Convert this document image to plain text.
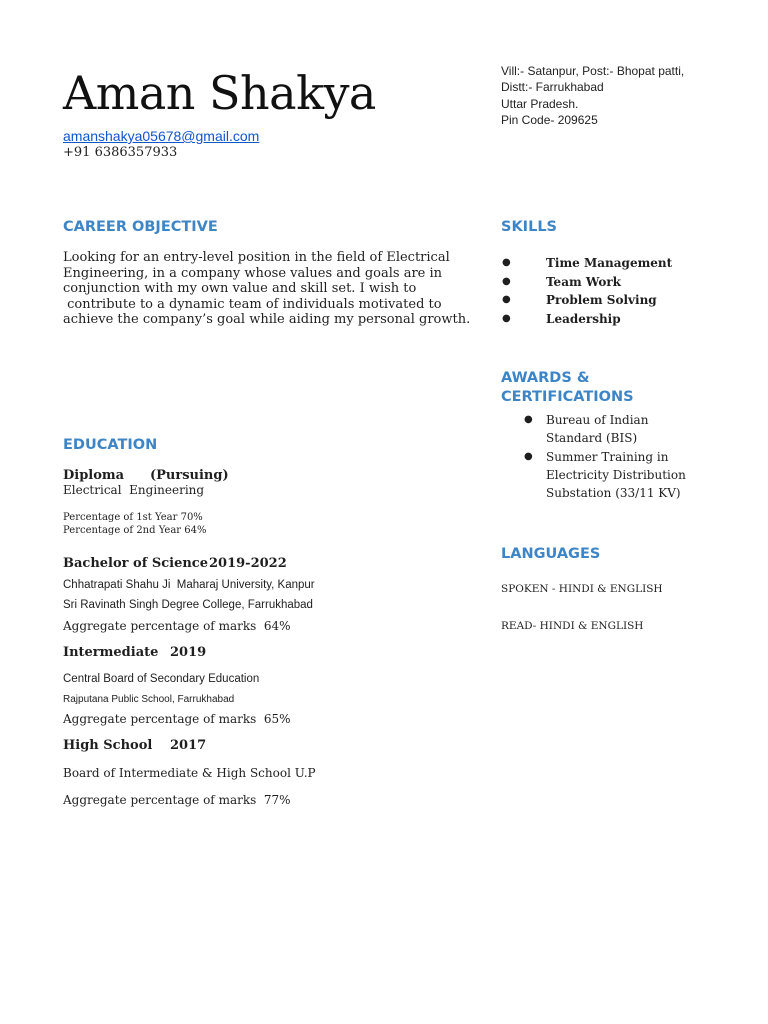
Aman Shakya
amanshakya05678@gmail.com
+91 6386357933
Vill:- Satanpur, Post:- Bhopat patti,
Distt:- Farrukhabad
Uttar Pradesh.
Pin Code- 209625
CAREER OBJECTIVE
Looking for an entry-level position in the field of Electrical
Engineering, in a company whose values and goals are in
conjunction with my own value and skill set. I wish to
contribute to a dynamic team of individuals motivated to
achieve the company’s goal while aiding my personal growth.
SKILLS
●	Time Management
●	Team Work
●	Problem Solving
●	Leadership
AWARDS &
CERTIFICATIONS
● Bureau of Indian
Standard (BIS)
● Summer Training in
Electricity Distribution
Substation (33/11 KV)
LANGUAGES
SPOKEN - HINDI & ENGLISH
READ- HINDI & ENGLISH
EDUCATION
Diploma (Pursuing)
Electrical  Engineering
Percentage of 1st Year 70%
Percentage of 2nd Year 64%
Bachelor of Science 2019-2022
Chhatrapati Shahu Ji  Maharaj University, Kanpur
Sri Ravinath Singh Degree College, Farrukhabad
Aggregate percentage of marks  64%
Intermediate 2019
Central Board of Secondary Education
Rajputana Public School, Farrukhabad
Aggregate percentage of marks  65%
High School 2017
Board of Intermediate & High School U.P
Aggregate percentage of marks  77%
